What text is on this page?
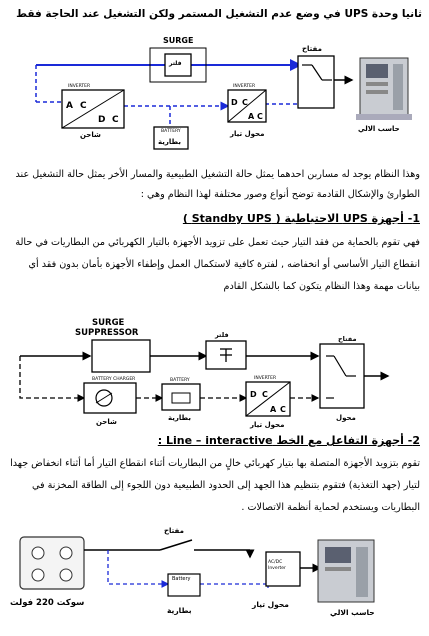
ثانيا وحدة UPS في وضع عدم التشغيل المستمر ولكن التشغيل عند الحاجة فقط
A C
D C
D C
A C
D C
A C
SURGE
فلتر
مفتاح
INVERTER	INVERTER
شاحن	BATTERY
بطارية
محول تيار
حاسب الالي
وهذا النظام يوجد له مساربن احدهما يمثل حالة التشغيل الطبيعية والمسار الأخر يمثل حالة التشغيل عند الطوارئ والإشكال القادمة توضح أنواع وصور مختلفة لهذا النظام وهي :
1- أجهزة UPS الاحتياطية ( Standby UPS )
فهي تقوم بالحماية من فقد التيار حيث تعمل على تزويد الأجهزة بالتيار الكهربائي من البطاريات في حالة انقطاع التيار الأساسي أو انخفاضه , لفترة كافية لاستكمال العمل وإطفاء الأجهزة بأمان بدون فقد أي بيانات مهمة وهذا النظام يتكون كما بالشكل القادم
SURGE
SUPPRESSOR	فلتر	مفتاح
BATTERY CHARGER
شاحن
BATTERY
بطارية
INVERTER
محول تيار
محول
2- أجهزة التفاعل مع الخط Line – interactive :
تقوم بتزويد الأجهزة المتصلة بها بتيار كهربائي خالٍ من البطاريات أثناء انقطاع التيار أما أثناء انخفاض جهدا لتيار (جهد التغذية) فتقوم بتنظيم هذا الجهد إلى الحدود الطبيعية دون اللجوء إلى الطاقة المخزنة في البطاريات ويستخدم لحماية أنظمة الاتصالات .
مفتاح
AC/DC Inverter
Battery
سوكت 220 فولت
بطارية
محول تيار
حاسب الالي
